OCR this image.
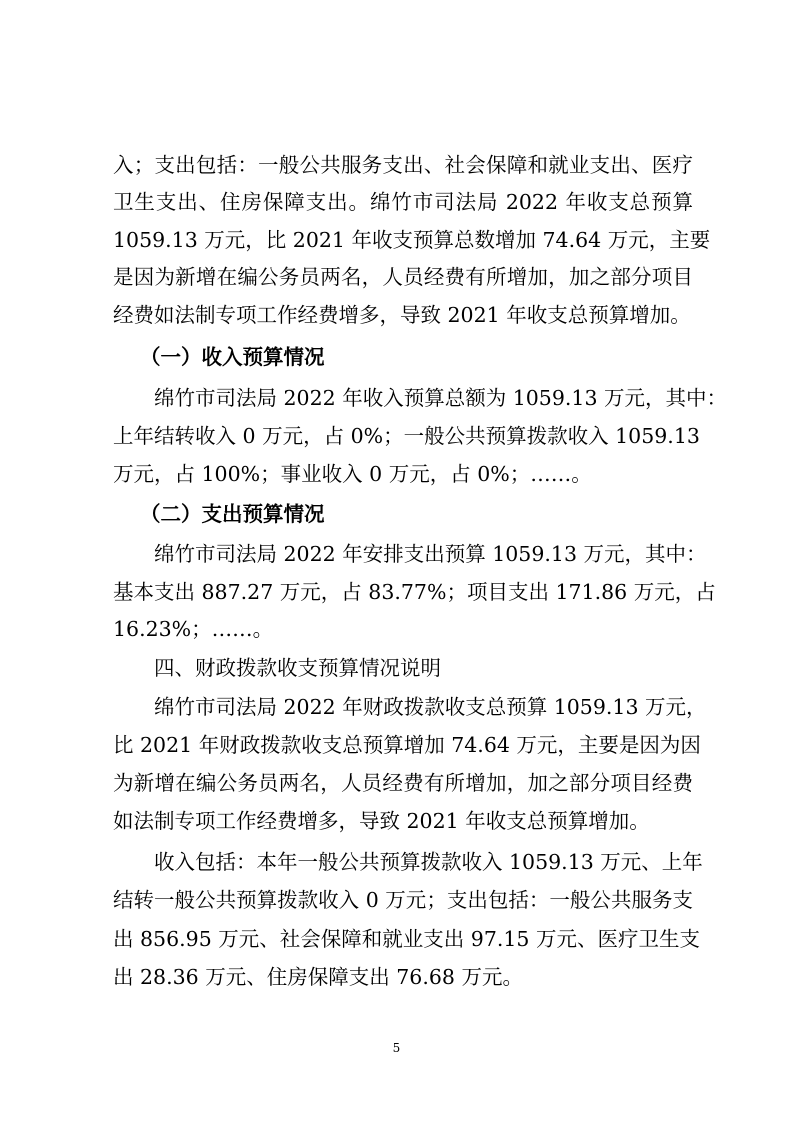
入；支出包括：一般公共服务支出、社会保障和就业支出、医疗
卫生支出、住房保障支出。绵竹市司法局 2022 年收支总预算
1059.13 万元，比 2021 年收支预算总数增加 74.64 万元，主要
是因为新增在编公务员两名，人员经费有所增加，加之部分项目
经费如法制专项工作经费增多，导致 2021 年收支总预算增加。
（一）收入预算情况
绵竹市司法局 2022 年收入预算总额为 1059.13 万元，其中：
上年结转收入 0 万元，占 0%；一般公共预算拨款收入 1059.13
万元，占 100%；事业收入 0 万元，占 0%；……。
（二）支出预算情况
绵竹市司法局 2022 年安排支出预算 1059.13 万元，其中：
基本支出 887.27 万元，占 83.77%；项目支出 171.86 万元，占
16.23%；……。
四、财政拨款收支预算情况说明
绵竹市司法局 2022 年财政拨款收支总预算 1059.13 万元，
比 2021 年财政拨款收支总预算增加 74.64 万元，主要是因为因
为新增在编公务员两名，人员经费有所增加，加之部分项目经费
如法制专项工作经费增多，导致 2021 年收支总预算增加。
收入包括：本年一般公共预算拨款收入 1059.13 万元、上年
结转一般公共预算拨款收入 0 万元；支出包括：一般公共服务支
出 856.95 万元、社会保障和就业支出 97.15 万元、医疗卫生支
出 28.36 万元、住房保障支出 76.68 万元。
5
